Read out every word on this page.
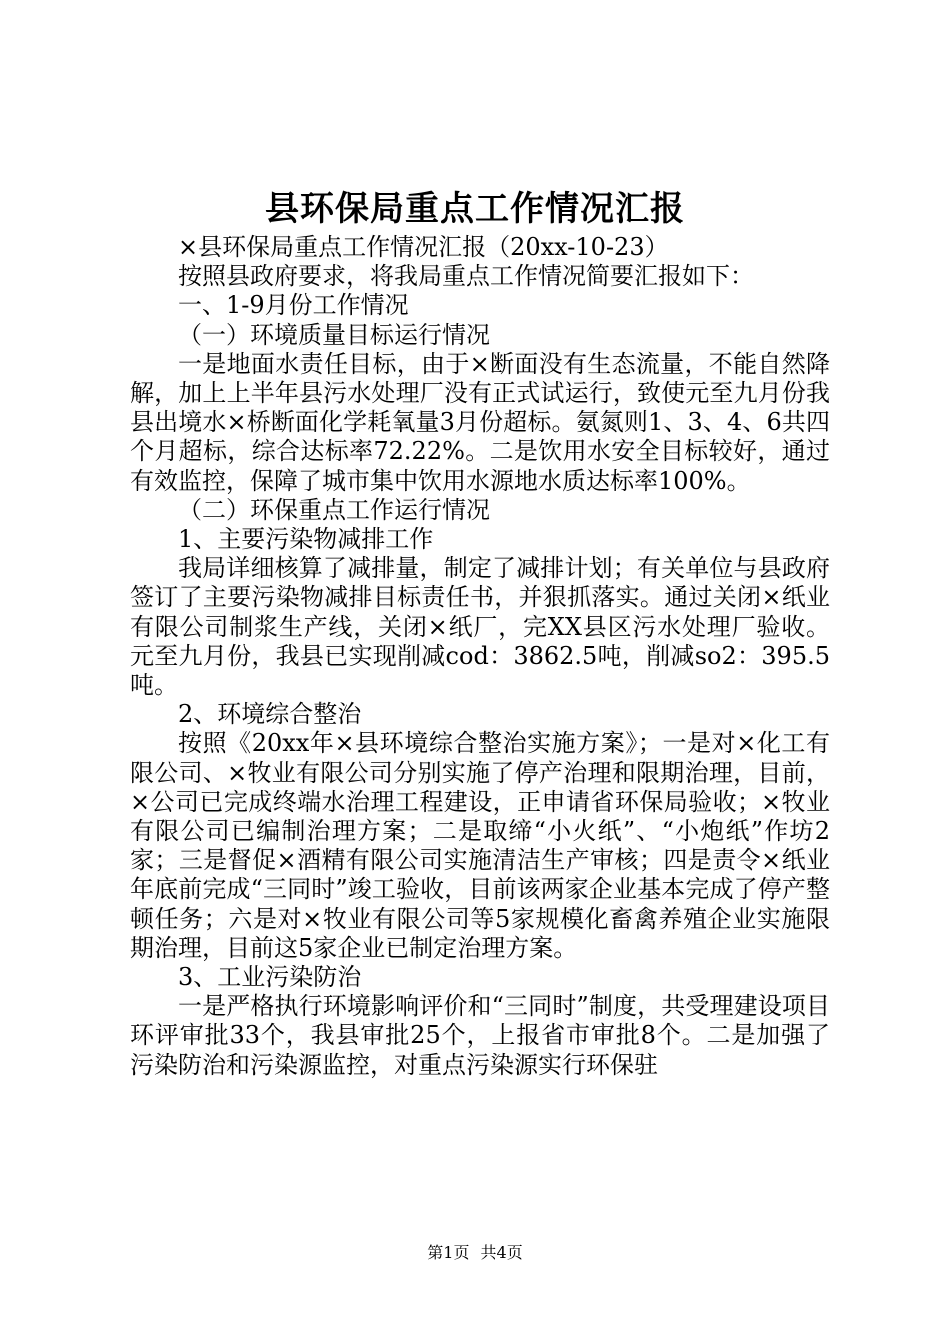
县环保局重点工作情况汇报

×县环保局重点工作情况汇报（20xx-10-23）

按照县政府要求，将我局重点工作情况简要汇报如下：

一、1-9月份工作情况

（一）环境质量目标运行情况

一是地面水责任目标，由于×断面没有生态流量，不能自然降解，加上上半年县污水处理厂没有正式试运行，致使元至九月份我县出境水×桥断面化学耗氧量3月份超标。氨氮则1、3、4、6共四个月超标，综合达标率72.22%。二是饮用水安全目标较好，通过有效监控，保障了城市集中饮用水源地水质达标率100%。

（二）环保重点工作运行情况

1、主要污染物减排工作

我局详细核算了减排量，制定了减排计划；有关单位与县政府签订了主要污染物减排目标责任书，并狠抓落实。通过关闭×纸业有限公司制浆生产线，关闭×纸厂，完XX县区污水处理厂验收。元至九月份，我县已实现削减cod：3862.5吨，削减so2：395.5吨。

2、环境综合整治

按照《20xx年×县环境综合整治实施方案》；一是对×化工有限公司、×牧业有限公司分别实施了停产治理和限期治理，目前，×公司已完成终端水治理工程建设，正申请省环保局验收；×牧业有限公司已编制治理方案；二是取缔“小火纸”、“小炮纸”作坊2家；三是督促×酒精有限公司实施清洁生产审核；四是责令×纸业年底前完成“三同时”竣工验收，目前该两家企业基本完成了停产整顿任务；六是对×牧业有限公司等5家规模化畜禽养殖企业实施限期治理，目前这5家企业已制定治理方案。

3、工业污染防治

一是严格执行环境影响评价和“三同时”制度，共受理建设项目环评审批33个，我县审批25个，上报省市审批8个。二是加强了污染防治和污染源监控，对重点污染源实行环保驻

第1页 共4页
